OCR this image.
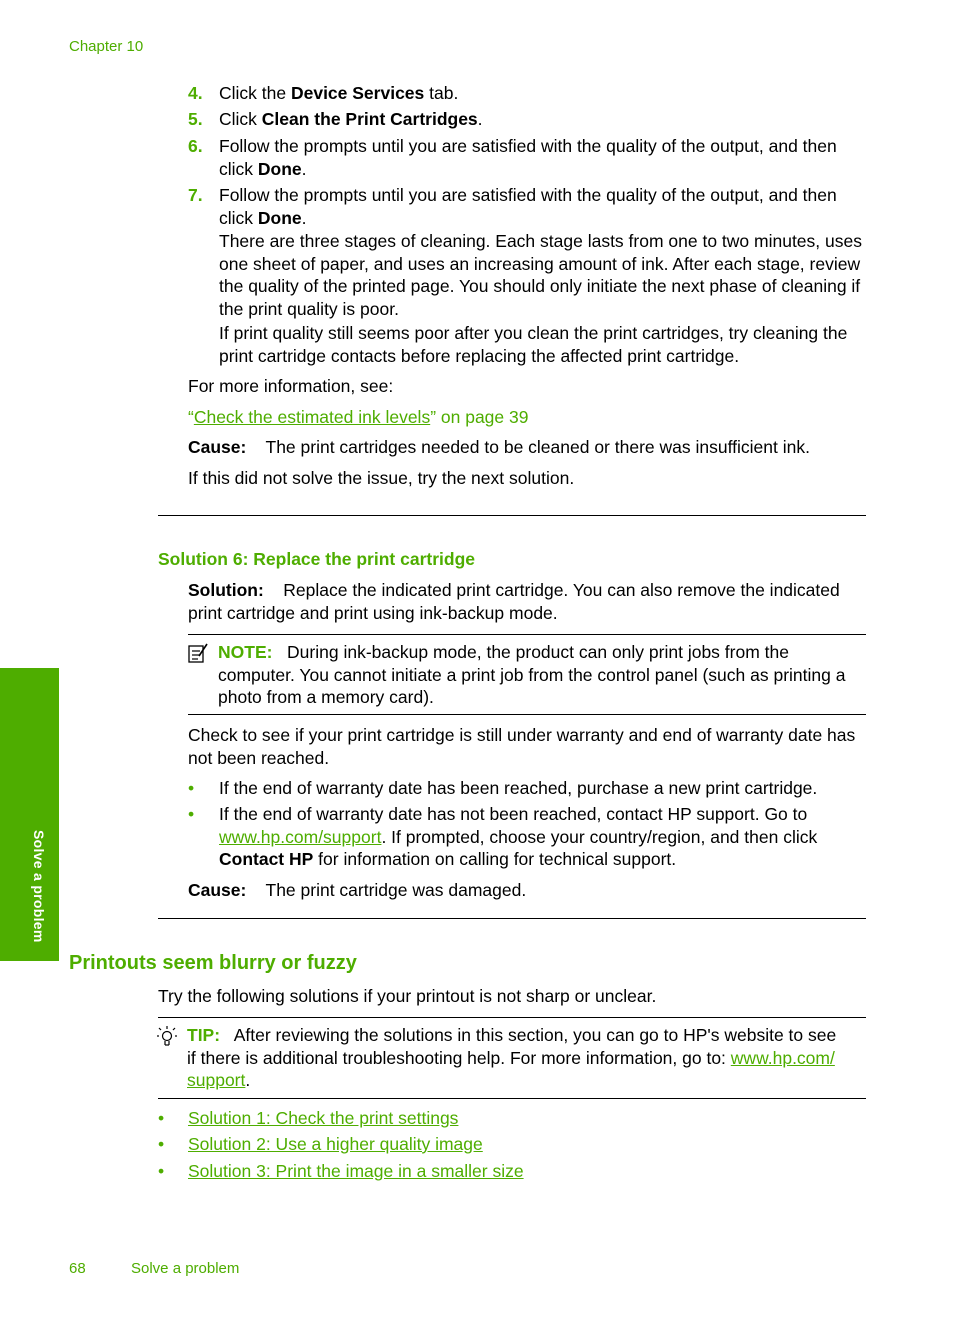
Chapter 10
4. Click the Device Services tab.
5. Click Clean the Print Cartridges.
6. Follow the prompts until you are satisfied with the quality of the output, and then
click Done.
7. Follow the prompts until you are satisfied with the quality of the output, and then
click Done.
There are three stages of cleaning. Each stage lasts from one to two minutes, uses one sheet of paper, and uses an increasing amount of ink. After each stage, review the quality of the printed page. You should only initiate the next phase of cleaning if the print quality is poor.
If print quality still seems poor after you clean the print cartridges, try cleaning the print cartridge contacts before replacing the affected print cartridge.
For more information, see:
“Check the estimated ink levels” on page 39
Cause: The print cartridges needed to be cleaned or there was insufficient ink.
If this did not solve the issue, try the next solution.
Solution 6: Replace the print cartridge
Solution: Replace the indicated print cartridge. You can also remove the indicated print cartridge and print using ink-backup mode.
NOTE: During ink-backup mode, the product can only print jobs from the
computer. You cannot initiate a print job from the control panel (such as printing a photo from a memory card).
Check to see if your print cartridge is still under warranty and end of warranty date has not been reached.
• If the end of warranty date has been reached, purchase a new print cartridge.
• If the end of warranty date has not been reached, contact HP support. Go to
www.hp.com/support. If prompted, choose your country/region, and then click
Contact HP for information on calling for technical support.
Cause: The print cartridge was damaged.
Solve a problem
Printouts seem blurry or fuzzy
Try the following solutions if your printout is not sharp or unclear.
TIP: After reviewing the solutions in this section, you can go to HP's website to see
if there is additional troubleshooting help. For more information, go to: www.hp.com/
support.
• Solution 1: Check the print settings
• Solution 2: Use a higher quality image
• Solution 3: Print the image in a smaller size
68	Solve a problem
